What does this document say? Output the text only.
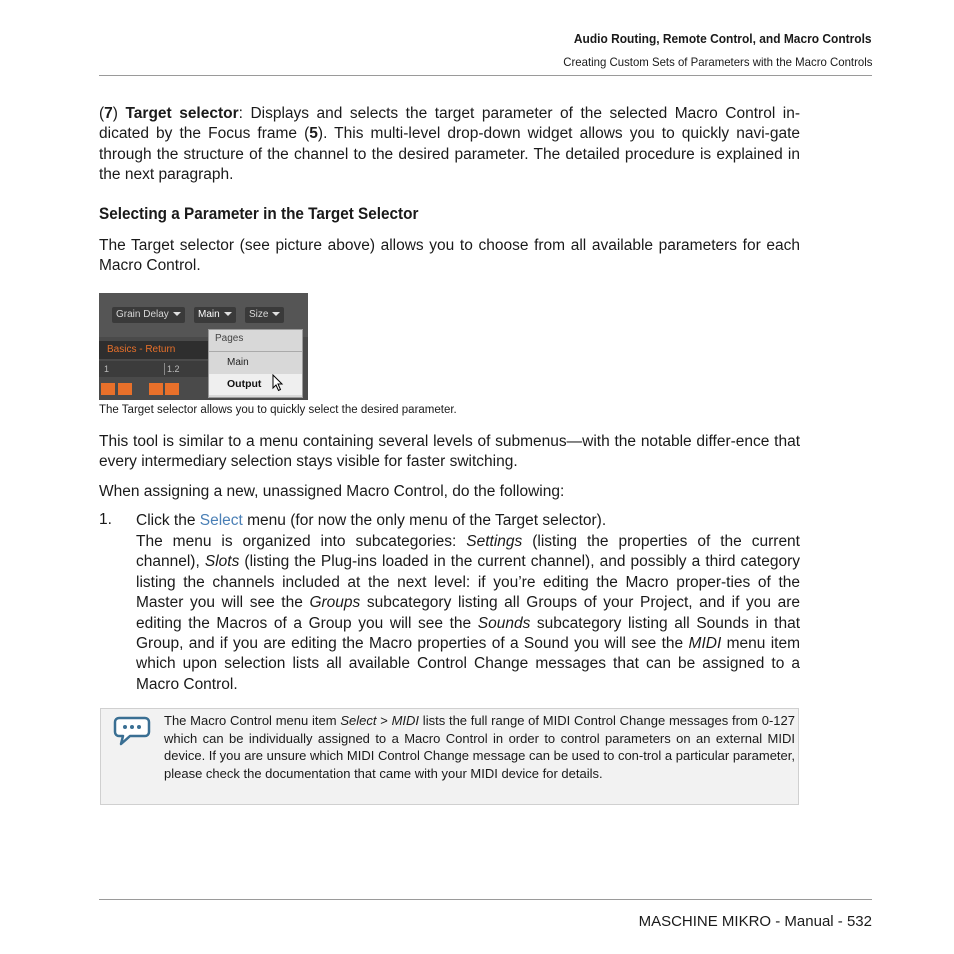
Audio Routing, Remote Control, and Macro Controls
Creating Custom Sets of Parameters with the Macro Controls

(7) Target selector: Displays and selects the target parameter of the selected Macro Control in-dicated by the Focus frame (5). This multi-level drop-down widget allows you to quickly navi-gate through the structure of the channel to the desired parameter. The detailed procedure is explained in the next paragraph.

Selecting a Parameter in the Target Selector

The Target selector (see picture above) allows you to choose from all available parameters for each Macro Control.

Grain Delay	Main	Size
Basics - Return
1	1.2
Pages
Main
Output
The Target selector allows you to quickly select the desired parameter.

This tool is similar to a menu containing several levels of submenus—with the notable differ-ence that every intermediary selection stays visible for faster switching.

When assigning a new, unassigned Macro Control, do the following:

1. Click the Select menu (for now the only menu of the Target selector).

The menu is organized into subcategories: Settings (listing the properties of the current channel), Slots (listing the Plug-ins loaded in the current channel), and possibly a third category listing the channels included at the next level: if you’re editing the Macro proper-ties of the Master you will see the Groups subcategory listing all Groups of your Project, and if you are editing the Macros of a Group you will see the Sounds subcategory listing all Sounds in that Group, and if you are editing the Macro properties of a Sound you will see the MIDI menu item which upon selection lists all available Control Change messages that can be assigned to a Macro Control.

The Macro Control menu item Select > MIDI lists the full range of MIDI Control Change messages from 0-127 which can be individually assigned to a Macro Control in order to control parameters on an external MIDI device. If you are unsure which MIDI Control Change message can be used to con-trol a particular parameter, please check the documentation that came with your MIDI device for details.

MASCHINE MIKRO - Manual - 532
